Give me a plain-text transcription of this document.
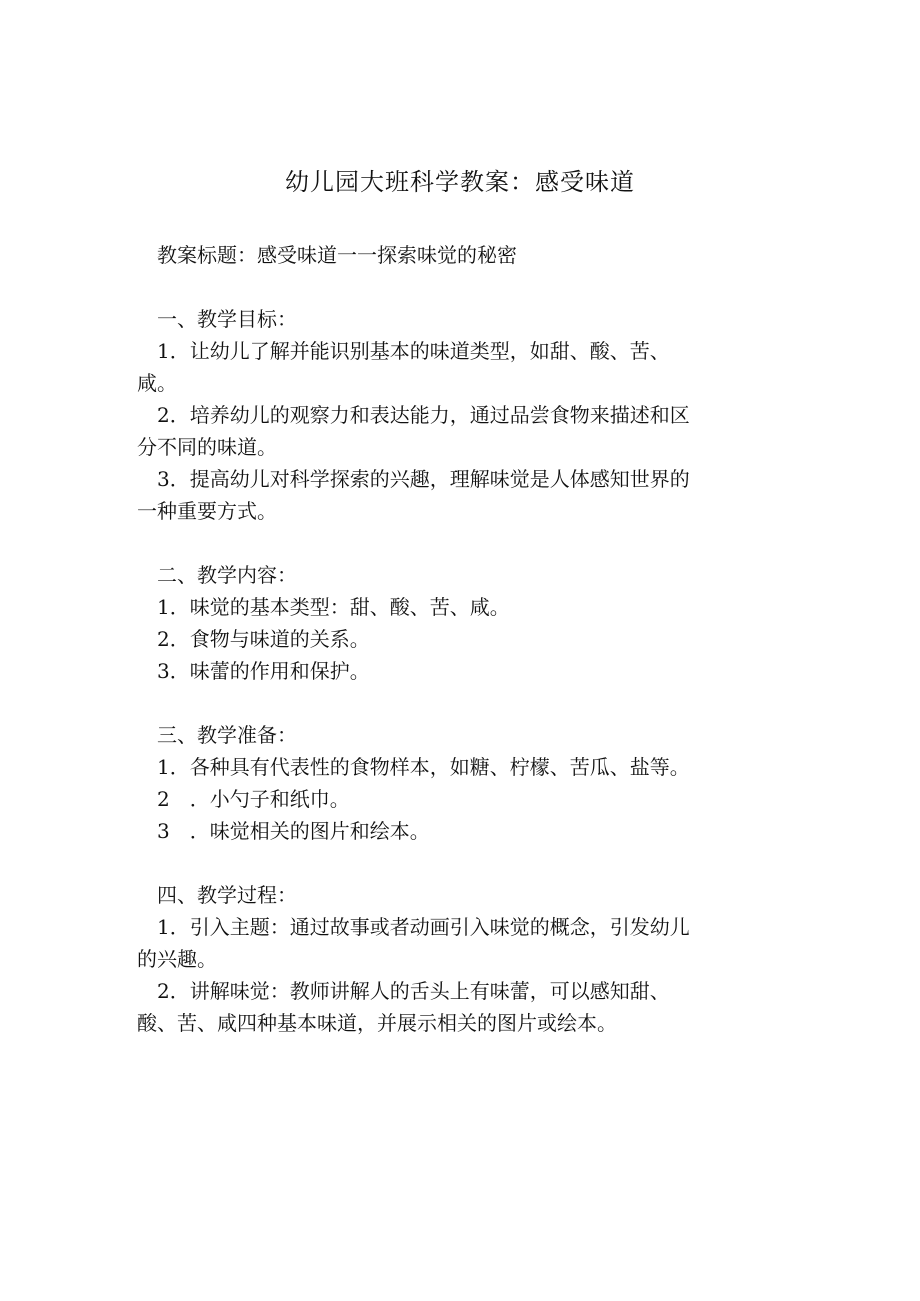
幼儿园大班科学教案：感受味道
教案标题：感受味道一一探索味觉的秘密
一、教学目标：
1．让幼儿了解并能识别基本的味道类型，如甜、酸、苦、
咸。
2．培养幼儿的观察力和表达能力，通过品尝食物来描述和区
分不同的味道。
3．提高幼儿对科学探索的兴趣，理解味觉是人体感知世界的
一种重要方式。
二、教学内容：
1．味觉的基本类型：甜、酸、苦、咸。
2．食物与味道的关系。
3．味蕾的作用和保护。
三、教学准备：
1．各种具有代表性的食物样本，如糖、柠檬、苦瓜、盐等。
2　．小勺子和纸巾。
3　．味觉相关的图片和绘本。
四、教学过程：
1．引入主题：通过故事或者动画引入味觉的概念，引发幼儿
的兴趣。
2．讲解味觉：教师讲解人的舌头上有味蕾，可以感知甜、
酸、苦、咸四种基本味道，并展示相关的图片或绘本。
